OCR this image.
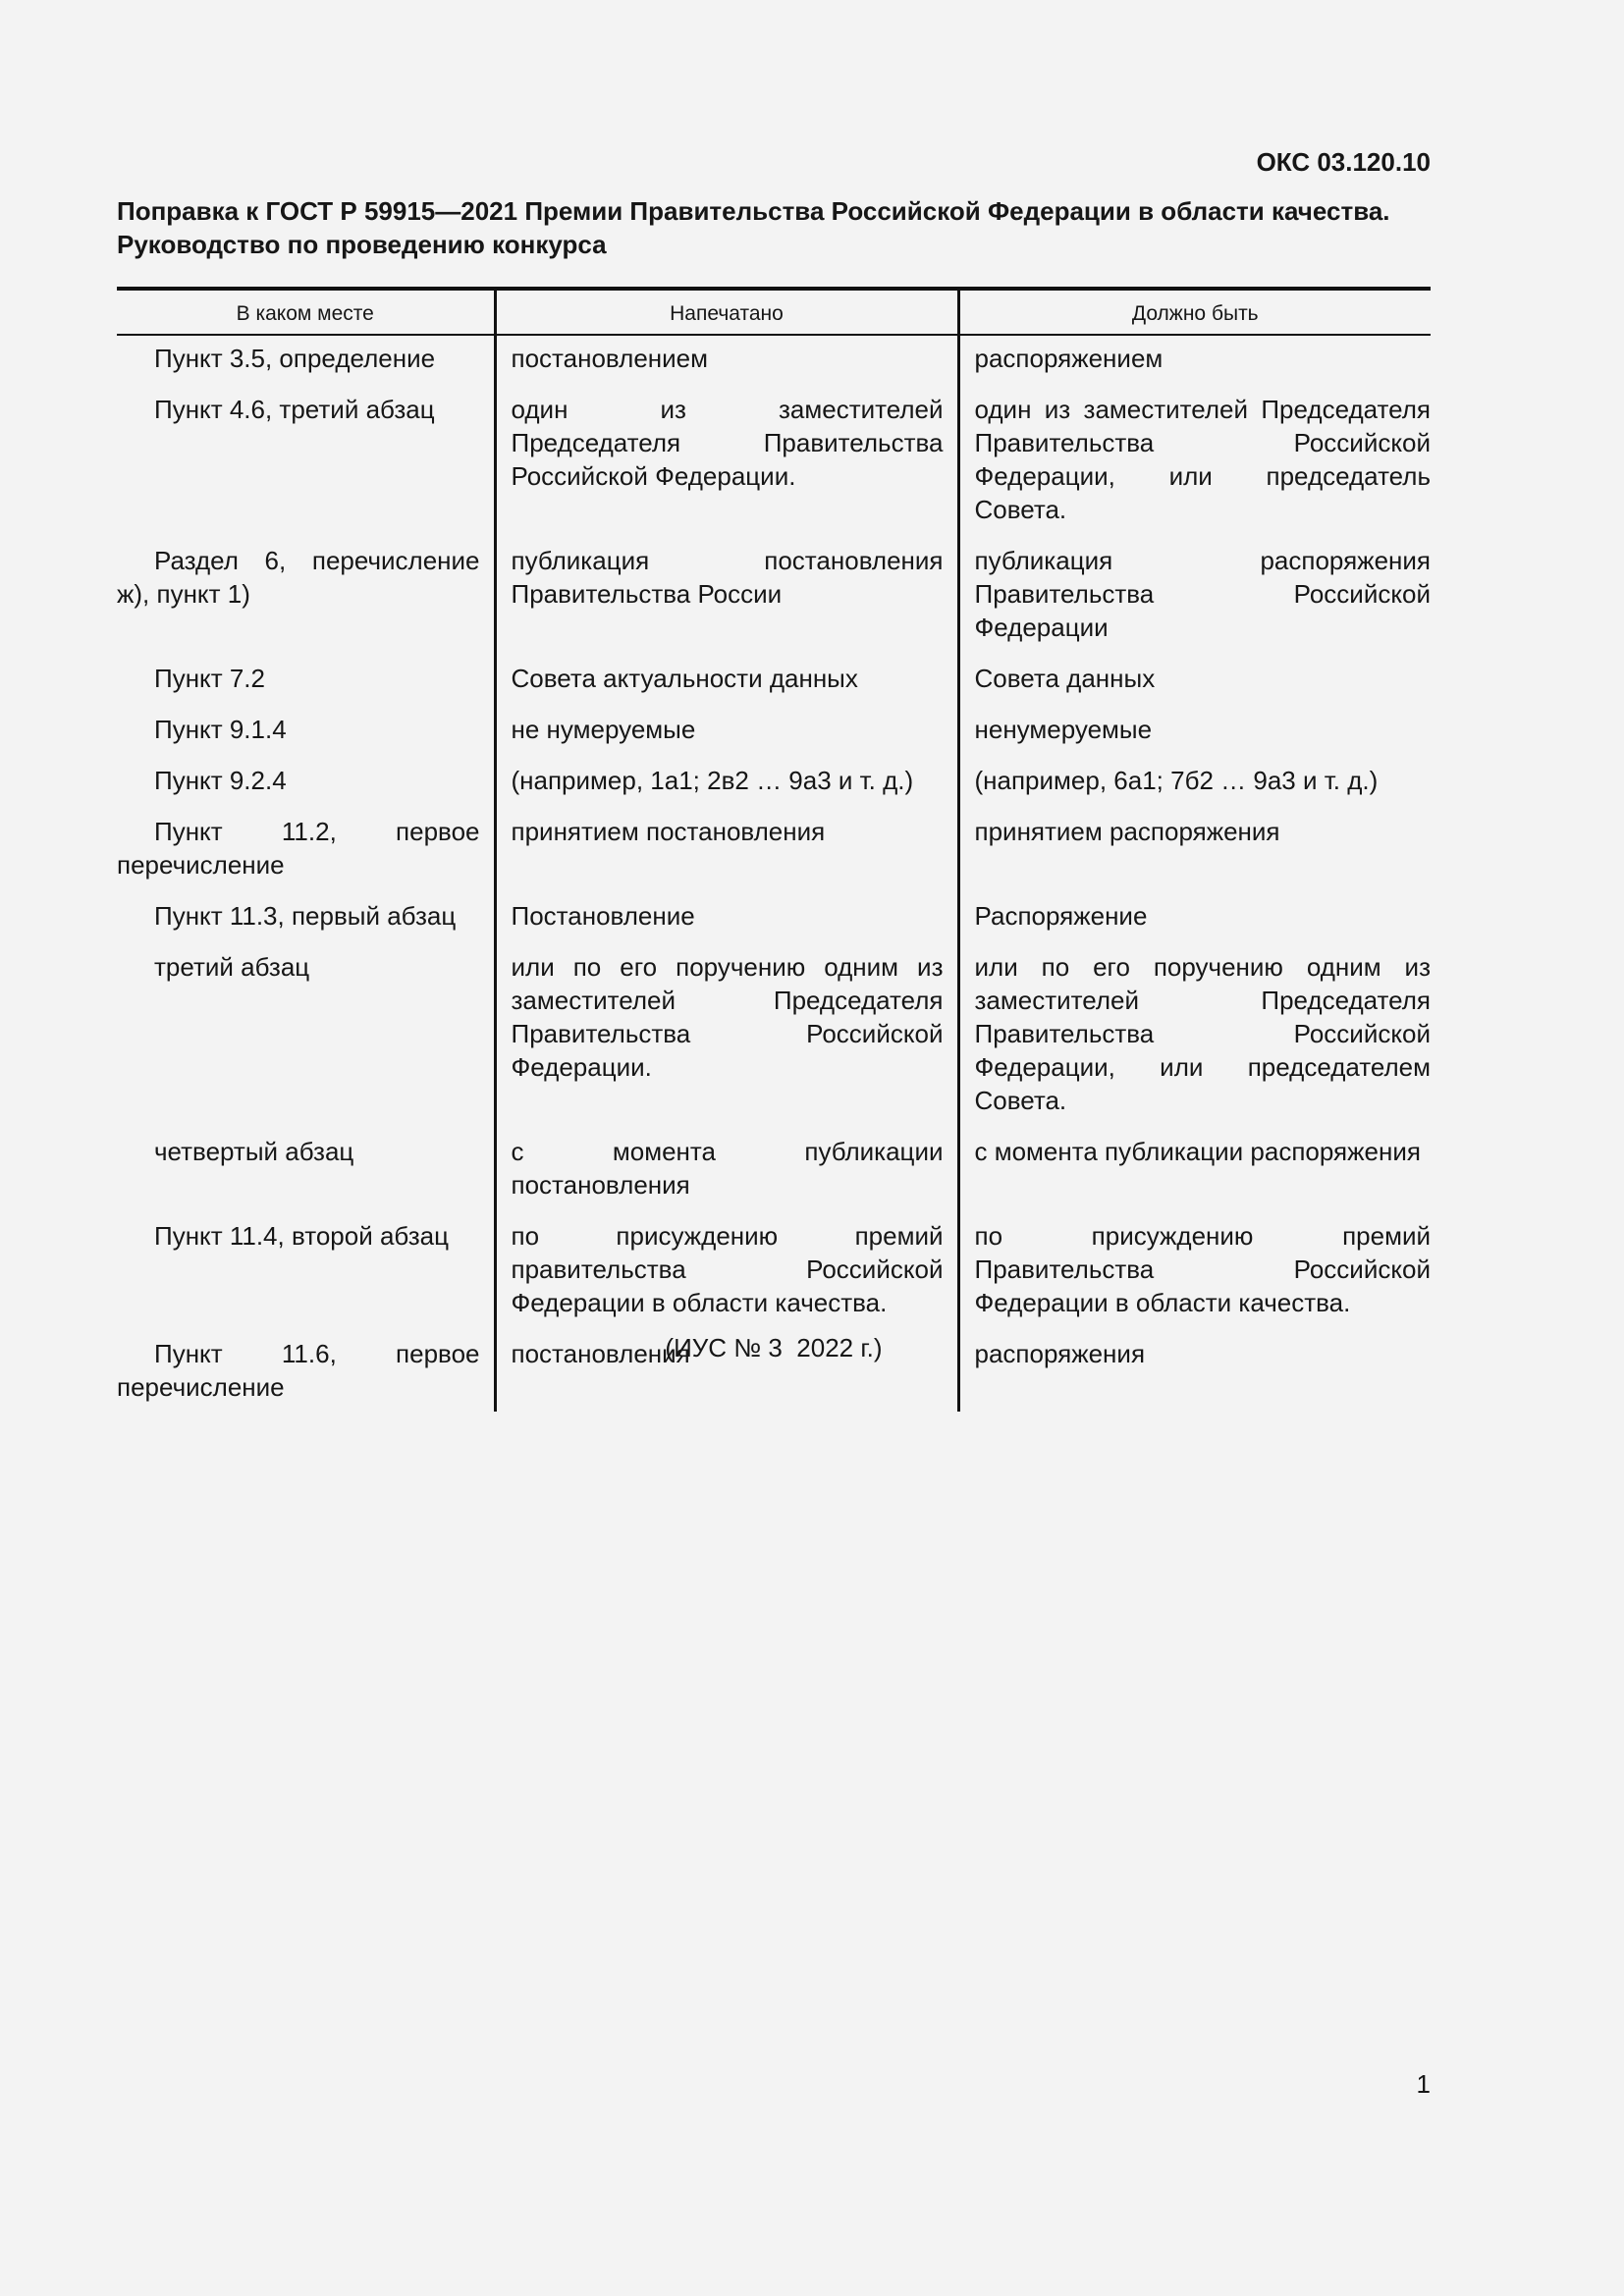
ОКС 03.120.10
Поправка к ГОСТ Р 59915—2021 Премии Правительства Российской Федерации в области качества. Руководство по проведению конкурса
В каком месте	Напечатано	Должно быть
Пункт 3.5, определение	постановлением	распоряжением
Пункт 4.6, третий абзац	один из заместителей Председателя Правительства Российской Федерации.	один из заместителей Председателя Правительства Российской Федерации, или председатель Совета.
Раздел 6, перечисление ж), пункт 1)	публикация постановления Правительства России	публикация распоряжения Правительства Российской Федерации
Пункт 7.2	Совета актуальности данных	Совета данных
Пункт 9.1.4	не нумеруемые	ненумеруемые
Пункт 9.2.4	(например, 1а1; 2в2 … 9а3 и т. д.)	(например, 6а1; 7б2 … 9а3 и т. д.)
Пункт 11.2, первое перечисление	принятием постановления	принятием распоряжения
Пункт 11.3, первый абзац	Постановление	Распоряжение
третий абзац	или по его поручению одним из заместителей Председателя Правительства Российской Федерации.	или по его поручению одним из заместителей Председателя Правительства Российской Федерации, или председателем Совета.
четвертый абзац	с момента публикации постановления	с момента публикации распоряжения
Пункт 11.4, второй абзац	по присуждению премий правительства Российской Федерации в области качества.	по присуждению премий Правительства Российской Федерации в области качества.
Пункт 11.6, первое перечисление	постановления	распоряжения
(ИУС № 3  2022 г.)
1
